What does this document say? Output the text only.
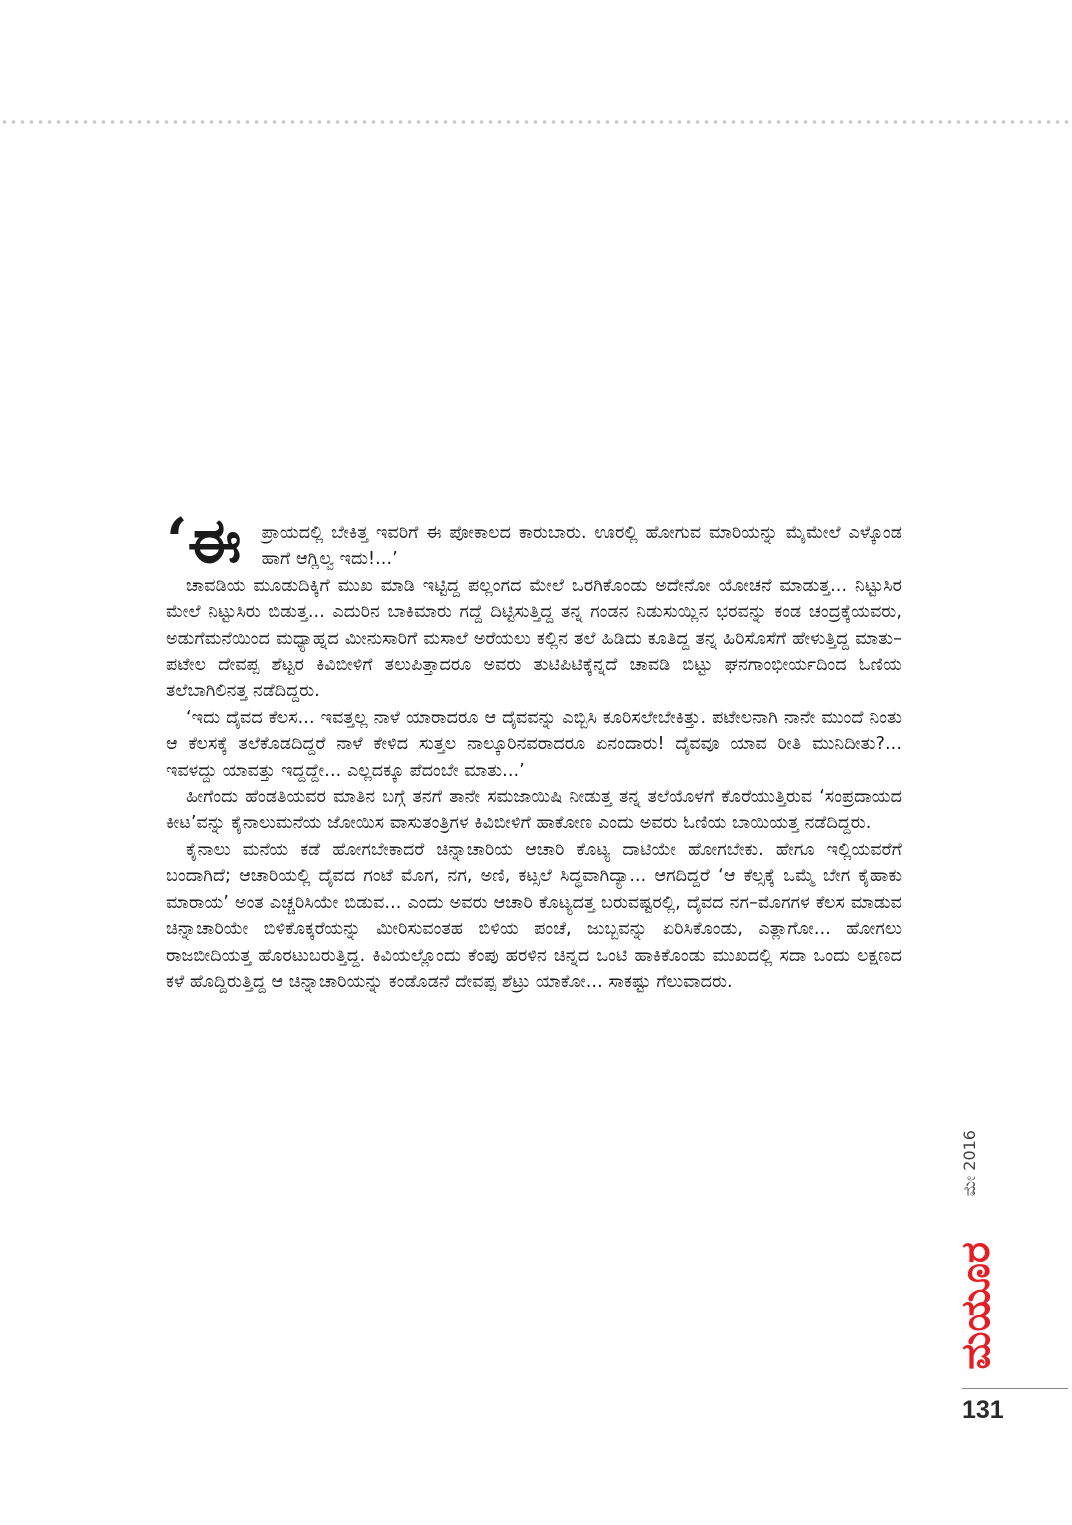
‘ಈ ಪ್ರಾಯದಲ್ಲಿ ಬೇಕಿತ್ತ ಇವರಿಗೆ ಈ ಪೋಕಾಲದ ಕಾರುಬಾರು. ಊರಲ್ಲಿ ಹೋಗುವ ಮಾರಿಯನ್ನು ಮೈಮೇಲೆ ಎಳ್ಕೊಂಡ ಹಾಗೆ ಆಗ್ಲಿಲ್ವ ಇದು!...’

ಚಾವಡಿಯ ಮೂಡುದಿಕ್ಕಿಗೆ ಮುಖ ಮಾಡಿ ಇಟ್ಟಿದ್ದ ಪಲ್ಲಂಗದ ಮೇಲೆ ಒರಗಿಕೊಂಡು ಅದೇನೋ ಯೋಚನೆ ಮಾಡುತ್ತ... ನಿಟ್ಟುಸಿರ ಮೇಲೆ ನಿಟ್ಟುಸಿರು ಬಿಡುತ್ತ... ಎದುರಿನ ಬಾಕಿಮಾರು ಗದ್ದೆ ದಿಟ್ಟಿಸುತ್ತಿದ್ದ ತನ್ನ ಗಂಡನ ನಿಡುಸುಯ್ಲಿನ ಭರವನ್ನು ಕಂಡ ಚಂದ್ರಕ್ಕೆಯವರು, ಅಡುಗೆಮನೆಯಿಂದ ಮಧ್ಯಾಹ್ನದ ಮೀನುಸಾರಿಗೆ ಮಸಾಲೆ ಅರೆಯಲು ಕಲ್ಲಿನ ತಲೆ ಹಿಡಿದು ಕೂತಿದ್ದ ತನ್ನ ಹಿರಿಸೊಸೆಗೆ ಹೇಳುತ್ತಿದ್ದ ಮಾತು– ಪಟೇಲ ದೇವಪ್ಪ ಶೆಟ್ಟರ ಕಿವಿಬೀಳಿಗೆ ತಲುಪಿತ್ತಾದರೂ ಅವರು ತುಟಿಪಿಟಿಕ್ಕೆನ್ನದೆ ಚಾವಡಿ ಬಿಟ್ಟು ಘನಗಾಂಭೀರ್ಯದಿಂದ ಓಣಿಯ ತಲೆಬಾಗಿಲಿನತ್ತ ನಡೆದಿದ್ದರು.

‘ಇದು ದೈವದ ಕೆಲಸ... ಇವತ್ತಲ್ಲ ನಾಳೆ ಯಾರಾದರೂ ಆ ದೈವವನ್ನು ಎಬ್ಬಿಸಿ ಕೂರಿಸಲೇಬೇಕಿತ್ತು. ಪಟೇಲನಾಗಿ ನಾನೇ ಮುಂದೆ ನಿಂತು ಆ ಕೆಲಸಕ್ಕೆ ತಲೆಕೊಡದಿದ್ದರೆ ನಾಳೆ ಕೇಳಿದ ಸುತ್ತಲ ನಾಲ್ಕೂರಿನವರಾದರೂ ಏನಂದಾರು! ದೈವವೂ ಯಾವ ರೀತಿ ಮುನಿದೀತು?... ಇವಳದ್ದು ಯಾವತ್ತು ಇದ್ದದ್ದೇ... ಎಲ್ಲದಕ್ಕೂ ಪೆದಂಬೇ ಮಾತು...’

ಹೀಗೆಂದು ಹೆಂಡತಿಯವರ ಮಾತಿನ ಬಗ್ಗೆ ತನಗೆ ತಾನೇ ಸಮಜಾಯಿಷಿ ನೀಡುತ್ತ ತನ್ನ ತಲೆಯೊಳಗೆ ಕೊರೆಯುತ್ತಿರುವ ‘ಸಂಪ್ರದಾಯದ ಕೀಟ’ವನ್ನು ಕೈನಾಲುಮನೆಯ ಜೋಯಿಸ ವಾಸುತಂತ್ರಿಗಳ ಕಿವಿಬೀಳಿಗೆ ಹಾಕೋಣ ಎಂದು ಅವರು ಓಣಿಯ ಬಾಯಿಯತ್ತ ನಡೆದಿದ್ದರು.

ಕೈನಾಲು ಮನೆಯ ಕಡೆ ಹೋಗಬೇಕಾದರೆ ಚಿನ್ನಾಚಾರಿಯ ಆಚಾರಿ ಕೊಟ್ಯ ದಾಟಿಯೇ ಹೋಗಬೇಕು. ಹೇಗೂ ಇಲ್ಲಿಯವರೆಗೆ ಬಂದಾಗಿದೆ; ಆಚಾರಿಯಲ್ಲಿ ದೈವದ ಗಂಟೆ ಮೊಗ, ನಗ, ಅಣಿ, ಕಟ್ಸಲೆ ಸಿದ್ಧವಾಗಿದ್ಯಾ... ಆಗದಿದ್ದರೆ ‘ಆ ಕೆಲ್ಸಕ್ಕೆ ಒಮ್ಮೆ ಬೇಗ ಕೈಹಾಕು ಮಾರಾಯ’ ಅಂತ ಎಚ್ಚರಿಸಿಯೇ ಬಿಡುವ... ಎಂದು ಅವರು ಆಚಾರಿ ಕೊಟ್ಯದತ್ತ ಬರುವಷ್ಟರಲ್ಲಿ, ದೈವದ ನಗ–ಮೊಗಗಳ ಕೆಲಸ ಮಾಡುವ ಚಿನ್ನಾಚಾರಿಯೇ ಬಿಳಿಕೊಕ್ಕರೆಯನ್ನು ಮೀರಿಸುವಂತಹ ಬಿಳಿಯ ಪಂಚೆ, ಜುಬ್ಬವನ್ನು ಏರಿಸಿಕೊಂಡು, ಎತ್ಲಾಗೋ... ಹೋಗಲು ರಾಜಬೀದಿಯತ್ತ ಹೊರಟುಬರುತ್ತಿದ್ದ. ಕಿವಿಯಲ್ಲೊಂದು ಕೆಂಪು ಹರಳಿನ ಚಿನ್ನದ ಒಂಟಿ ಹಾಕಿಕೊಂಡು ಮುಖದಲ್ಲಿ ಸದಾ ಒಂದು ಲಕ್ಷಣದ ಕಳೆ ಹೊದ್ದಿರುತ್ತಿದ್ದ ಆ ಚಿನ್ನಾಚಾರಿಯನ್ನು ಕಂಡೊಡನೆ ದೇವಪ್ಪ ಶೆಟ್ರು ಯಾಕೋ... ಸಾಕಷ್ಟು ಗೆಲುವಾದರು.

ಮೇ 2016
ಮಯೂರ
131
